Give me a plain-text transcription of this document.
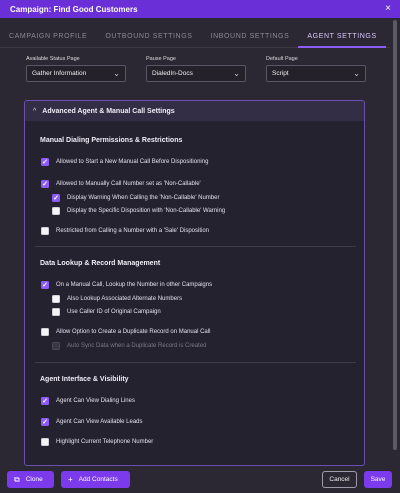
Campaign: Find Good Customers	×
CAMPAIGN PROFILE	OUTBOUND SETTINGS	INBOUND SETTINGS	AGENT SETTINGS
Available Status Page
Gather Information	⌄
Pause Page
DialedIn-Docs	⌄
Default Page
Script	⌄
^ Advanced Agent & Manual Call Settings
Manual Dialing Permissions & Restrictions
✓ Allowed to Start a New Manual Call Before Dispositioning
✓ Allowed to Manually Call Number set as 'Non-Callable'
✓ Display Warning When Calling the 'Non-Callable' Number
Display the Specific Disposition with 'Non-Callable' Warning
Restricted from Calling a Number with a 'Sale' Disposition
Data Lookup & Record Management
✓ On a Manual Call, Lookup the Number in other Campaigns
Also Lookup Associated Alternate Numbers
Use Caller ID of Original Campaign
Allow Option to Create a Duplicate Record on Manual Call
Auto Sync Data when a Duplicate Record is Created
Agent Interface & Visibility
✓ Agent Can View Dialing Lines
✓ Agent Can View Available Leads
Highlight Current Telephone Number
⧉ Clone	+ Add Contacts	Cancel	Save
